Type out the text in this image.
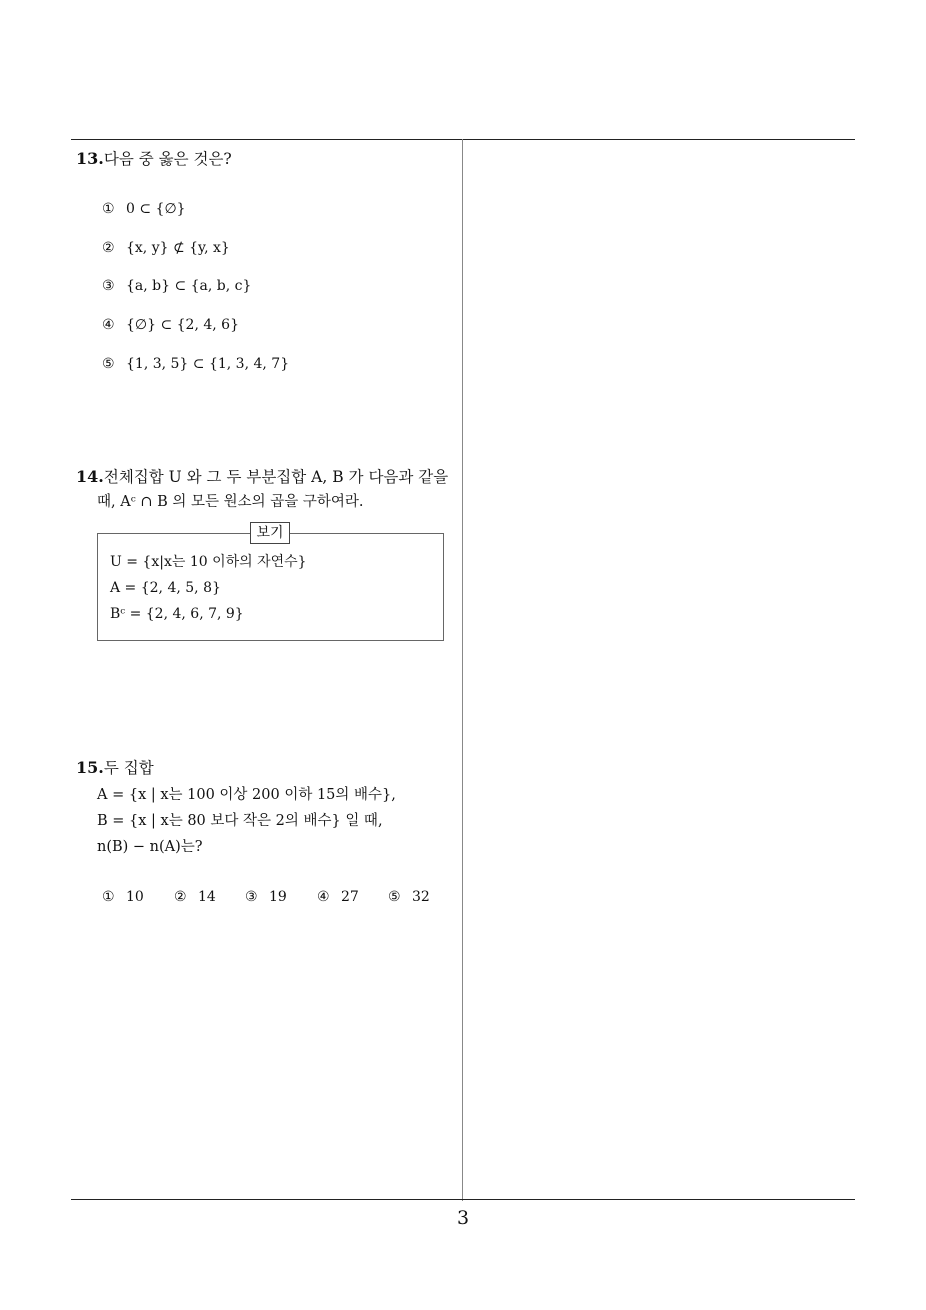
13.다음 중 옳은 것은?
① 0 ⊂ {∅}
② {x, y} ⊄ {y, x}
③ {a, b} ⊂ {a, b, c}
④ {∅} ⊂ {2, 4, 6}
⑤ {1, 3, 5} ⊂ {1, 3, 4, 7}
14.전체집합 U 와 그 두 부분집합 A, B 가 다음과 같을
때, Aᶜ ∩ B 의 모든 원소의 곱을 구하여라.
보기
U = {x|x는 10 이하의 자연수}
A = {2, 4, 5, 8}
Bᶜ = {2, 4, 6, 7, 9}
15.두 집합
A = {x | x는 100 이상 200 이하 15의 배수},
B = {x | x는 80 보다 작은 2의 배수} 일 때,
n(B) − n(A)는?
① 10 ② 14 ③ 19 ④ 27 ⑤ 32
3
